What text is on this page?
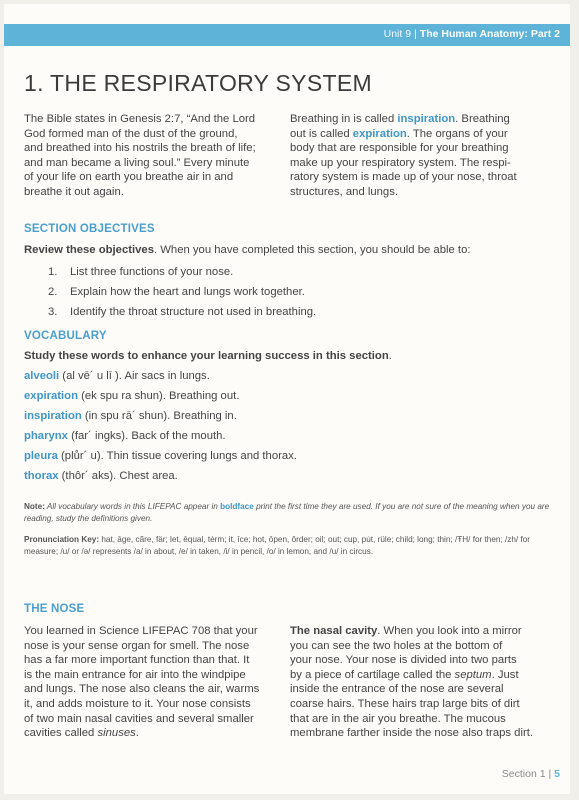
Unit 9 | The Human Anatomy: Part 2
1. THE RESPIRATORY SYSTEM
The Bible states in Genesis 2:7, “And the Lord
God formed man of the dust of the ground,
and breathed into his nostrils the breath of life;
and man became a living soul.” Every minute
of your life on earth you breathe air in and
breathe it out again.
Breathing in is called inspiration. Breathing
out is called expiration. The organs of your
body that are responsible for your breathing
make up your respiratory system. The respi-
ratory system is made up of your nose, throat
structures, and lungs.
SECTION OBJECTIVES
Review these objectives. When you have completed this section, you should be able to:
1. List three functions of your nose.
2. Explain how the heart and lungs work together.
3. Identify the throat structure not used in breathing.
VOCABULARY
Study these words to enhance your learning success in this section.
alveoli (al vē´ u lī ). Air sacs in lungs.
expiration (ek spu ra shun). Breathing out.
inspiration (in spu rā´ shun). Breathing in.
pharynx (far´ ingks). Back of the mouth.
pleura (plůr´ u). Thin tissue covering lungs and thorax.
thorax (thôr´ aks). Chest area.
Note: All vocabulary words in this LIFEPAC appear in boldface print the first time they are used. If you are not sure of the meaning when you are reading, study the definitions given.
Pronunciation Key: hat, āge, cãre, fär; let, ēqual, tėrm; it, īce; hot, ōpen, ôrder; oil; out; cup, pu̇t, rüle; child; long; thin; /ŦH/ for then; /zh/ for measure; /u/ or /ə/ represents /a/ in about, /e/ in taken, /i/ in pencil, /o/ in lemon, and /u/ in circus.
THE NOSE
You learned in Science LIFEPAC 708 that your
nose is your sense organ for smell. The nose
has a far more important function than that. It
is the main entrance for air into the windpipe
and lungs. The nose also cleans the air, warms
it, and adds moisture to it. Your nose consists
of two main nasal cavities and several smaller
cavities called sinuses.
The nasal cavity. When you look into a mirror
you can see the two holes at the bottom of
your nose. Your nose is divided into two parts
by a piece of cartilage called the septum. Just
inside the entrance of the nose are several
coarse hairs. These hairs trap large bits of dirt
that are in the air you breathe. The mucous
membrane farther inside the nose also traps dirt.
Section 1 | 5
